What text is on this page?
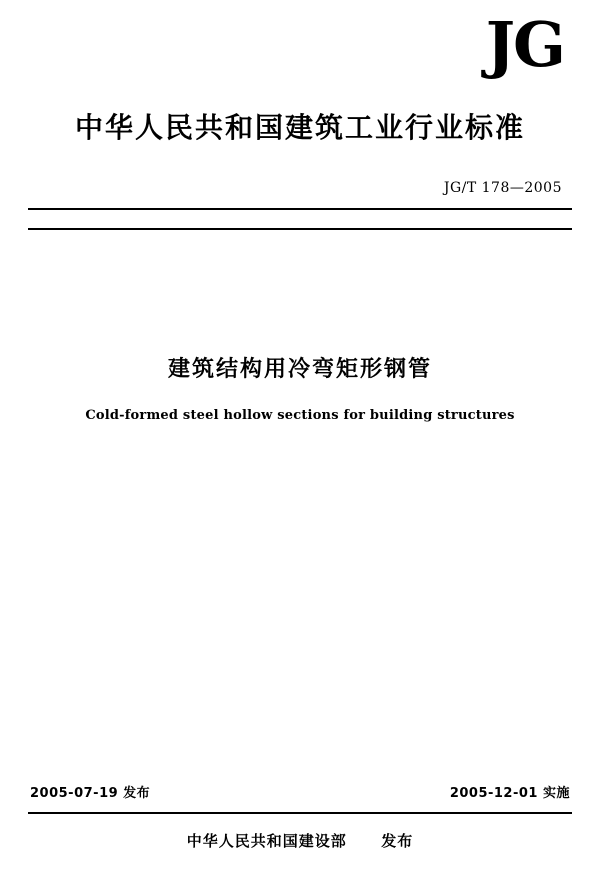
JG
中华人民共和国建筑工业行业标准
JG/T 178—2005
建筑结构用冷弯矩形钢管
Cold-formed steel hollow sections for building structures
2005-07-19 发布	2005-12-01 实施
中华人民共和国建设部 发布
